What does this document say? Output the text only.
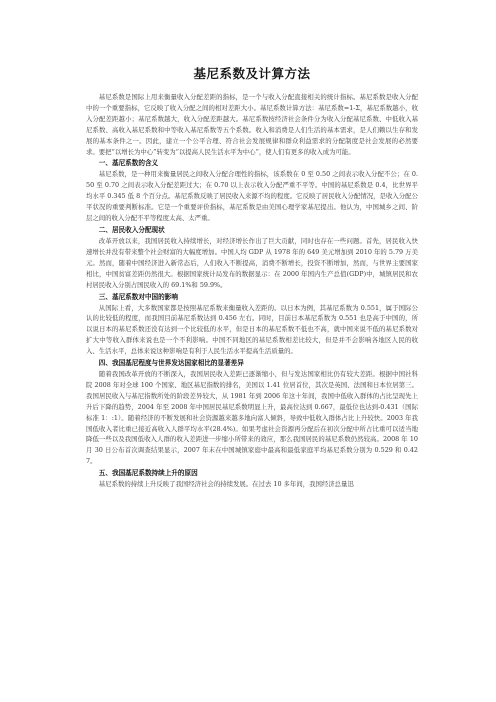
基尼系数及计算方法

基尼系数是国际上用来衡量收入分配差距的指标，是一个与收入分配直接相关的统计指标。基尼系数是收入分配中的一个重要指标，它反映了收入分配之间的相对差距大小。基尼系数计算方法：基尼系数=1-Σ，基尼系数越小，收入分配差距越小；基尼系数越大，收入分配差距越大。基尼系数按经济社会条件分为收入分配基尼系数、中低收入基尼系数、高收入基尼系数和中等收入基尼系数等五个系数。收入和消费是人们生活的基本需求，是人们赖以生存和发展的基本条件之一。因此，建立一个公平合理、符合社会发展规律和群众利益需求的分配制度是社会发展的必然要求。要把“以增长为中心”转变为“以提高人民生活水平为中心”，使人们有更多的收入成为可能。

一、基尼系数的含义

基尼系数，是一种用来衡量居民之间收入分配合理性的指标，该系数在 0 至 0.50 之间表示收入分配不公；在 0.50 至 0.70 之间表示收入分配差距过大；在 0.70 以上表示收入分配严重不平等。中国的基尼系数是 0.4，比世界平均水平 0.345 低 8 个百分点。基尼系数反映了居民收入来源不均的程度。它反映了居民收入分配情况，是收入分配公平状况的重要判断标准。它是一个重要评价指标，基尼系数是由美国心理学家基尼提出。他认为，中国城乡之间、阶层之间的收入分配不平等程度太高、太严重。

二、居民收入分配现状

改革开放以来，我国居民收入持续增长，对经济增长作出了巨大贡献，同时也存在一些问题。首先，居民收入快速增长并没有带来整个社会财富的大幅度增加。中国人均 GDP 从 1978 年的 649 美元增加到 2010 年的 5.79 万美元。然而，随着中国经济进入新常态后，人们收入不断提高，消费不断增长，投资不断增加，然而，与世界主要国家相比，中国贫富差距仍然很大。根据国家统计局发布的数据显示：在 2000 年国内生产总值(GDP)中，城镇居民和农村居民收入分别占国民收入的 69.1%和 59.9%。

三、基尼系数对中国的影响

从国际上看，大多数国家都是按照基尼系数来衡量收入差距的。以日本为例，其基尼系数为 0.551，属于国际公认的比较低的程度，而我国目前基尼系数达到 0.456 左右。同时，目前日本基尼系数为 0.551 也是高于中国的，所以说日本的基尼系数还没有达到一个比较低的水平，但是日本的基尼系数不低也不高，就中国来说不低的基尼系数对扩大中等收入群体来说也是一个不利影响。中国不同地区的基尼系数相差比较大，但是并不会影响各地区人民的收入、生活水平，总体来说这种影响是有利于人民生活水平提高生活质量的。

四、我国基尼程度与世界发达国家相比的显著差异

随着我国改革开放的不断深入，我国居民收入差距已逐渐缩小，但与发达国家相比仍有较大差距。根据中国社科院 2008 年对全球 100 个国家、地区基尼指数的排名，美国以 1.41 位居首位，其次是英国、法国和日本位居第三。我国居民收入与基尼指数所处的阶段差异较大，从 1981 年到 2006 年这十年间，我国中低收入群体的占比呈现先上升后下降的趋势，2004 年至 2008 年中国居民基尼系数明显上升，最高位达到 0.667，最低位也达到-0.431（国际标准 1：:1）。随着经济的不断发展和社会资源越来越多地向富人倾斜，导致中低收入群体占比上升较快。2003 年我国低收入者比重已接近高收入人群平均水平(28.4%)。如果考虑社会资源再分配后在初次分配中所占比重可以适当地降低一些以及我国低收入人群的收入差距进一步缩小所带来的效应，那么我国居民的基尼系数仍然较高。2008 年 10 月 30 日公布首次调查结果显示，2007 年末在中国城镇家庭中最高和最低家庭平均基尼系数分别为 0.529 和 0.427。

五、我国基尼系数持续上升的原因

基尼系数的持续上升反映了我国经济社会的持续发展。在过去 10 多年间，我国经济总量迅
